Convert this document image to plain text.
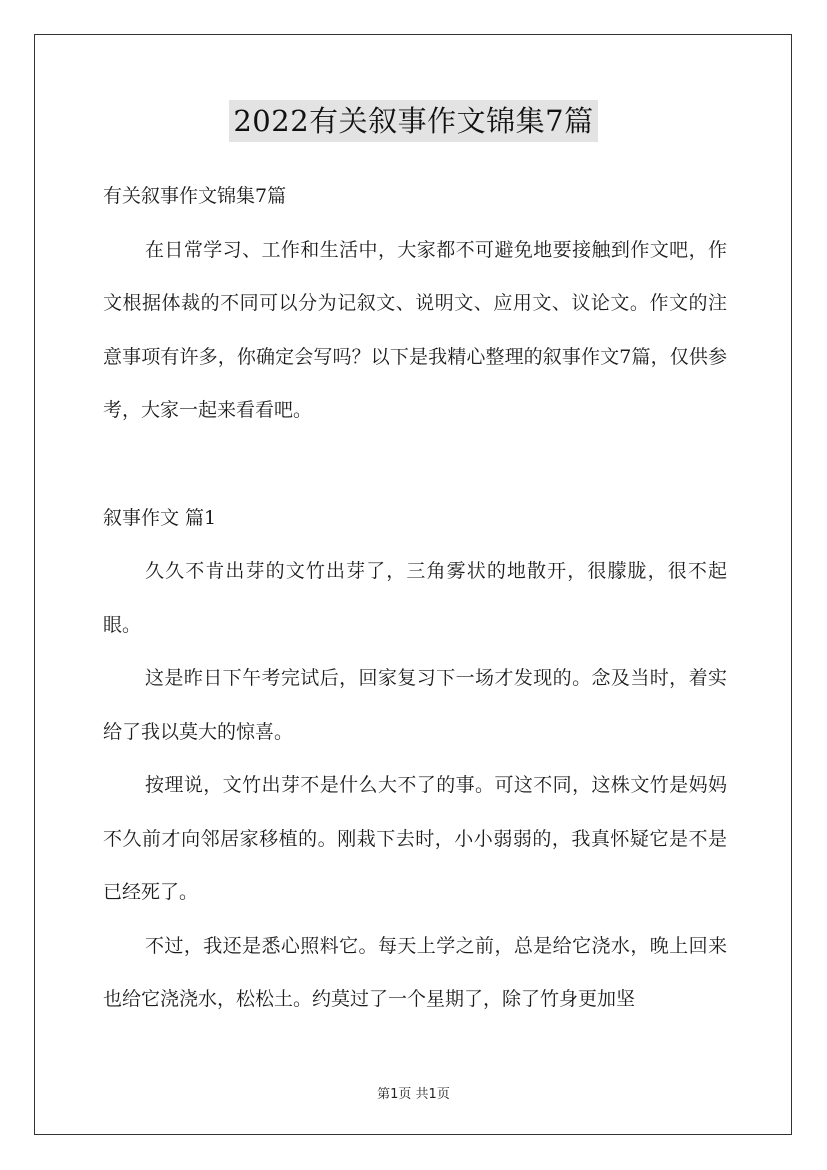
2022有关叙事作文锦集7篇

有关叙事作文锦集7篇

在日常学习、工作和生活中，大家都不可避免地要接触到作文吧，作文根据体裁的不同可以分为记叙文、说明文、应用文、议论文。作文的注意事项有许多，你确定会写吗？以下是我精心整理的叙事作文7篇，仅供参考，大家一起来看看吧。

叙事作文 篇1

久久不肯出芽的文竹出芽了，三角雾状的地散开，很朦胧，很不起眼。

这是昨日下午考完试后，回家复习下一场才发现的。念及当时，着实给了我以莫大的惊喜。

按理说，文竹出芽不是什么大不了的事。可这不同，这株文竹是妈妈不久前才向邻居家移植的。刚栽下去时，小小弱弱的，我真怀疑它是不是已经死了。

不过，我还是悉心照料它。每天上学之前，总是给它浇水，晚上回来也给它浇浇水，松松土。约莫过了一个星期了，除了竹身更加坚

第1页 共1页
